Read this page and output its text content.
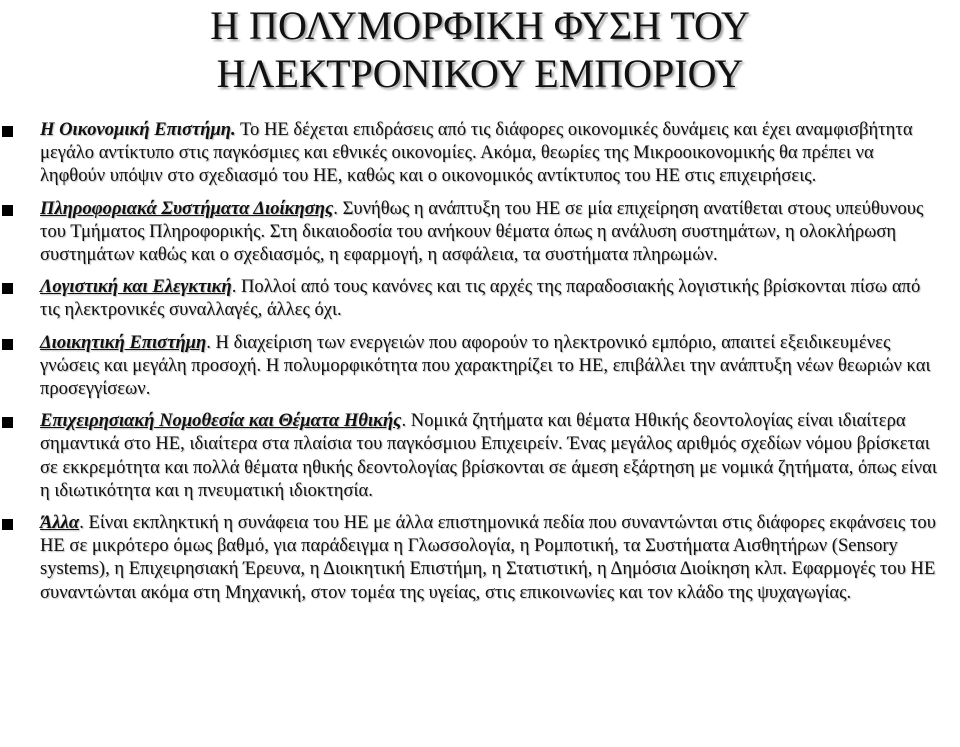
Η ΠΟΛΥΜΟΡΦΙΚΗ ΦΥΣΗ ΤΟΥ
ΗΛΕΚΤΡΟΝΙΚΟΥ ΕΜΠΟΡΙΟΥ
Η Οικονομική Επιστήμη. Το ΗΕ δέχεται επιδράσεις από τις διάφορες οικονομικές δυνάμεις και έχει αναμφισβήτητα μεγάλο αντίκτυπο στις παγκόσμιες και εθνικές οικονομίες. Ακόμα, θεωρίες της Μικροοικονομικής θα πρέπει να ληφθούν υπόψιν στο σχεδιασμό του ΗΕ, καθώς και ο οικονομικός αντίκτυπος του ΗΕ στις επιχειρήσεις.
Πληροφοριακά Συστήματα Διοίκησης. Συνήθως η ανάπτυξη του ΗΕ σε μία επιχείρηση ανατίθεται στους υπεύθυνους του Τμήματος Πληροφορικής. Στη δικαιοδοσία του ανήκουν θέματα όπως η ανάλυση συστημάτων, η ολοκλήρωση συστημάτων καθώς και ο σχεδιασμός, η εφαρμογή, η ασφάλεια, τα συστήματα πληρωμών.
Λογιστική και Ελεγκτική. Πολλοί από τους κανόνες και τις αρχές της παραδοσιακής λογιστικής βρίσκονται πίσω από τις ηλεκτρονικές συναλλαγές, άλλες όχι.
Διοικητική Επιστήμη. Η διαχείριση των ενεργειών που αφορούν το ηλεκτρονικό εμπόριο, απαιτεί εξειδικευμένες γνώσεις και μεγάλη προσοχή. Η πολυμορφικότητα που χαρακτηρίζει το ΗΕ, επιβάλλει την ανάπτυξη νέων θεωριών και προσεγγίσεων.
Επιχειρησιακή Νομοθεσία και Θέματα Ηθικής. Νομικά ζητήματα και θέματα Ηθικής δεοντολογίας είναι ιδιαίτερα σημαντικά στο ΗΕ, ιδιαίτερα στα πλαίσια του παγκόσμιου Επιχειρείν. Ένας μεγάλος αριθμός σχεδίων νόμου βρίσκεται σε εκκρεμότητα και πολλά θέματα ηθικής δεοντολογίας βρίσκονται σε άμεση εξάρτηση με νομικά ζητήματα, όπως είναι η ιδιωτικότητα και η πνευματική ιδιοκτησία.
Άλλα. Είναι εκπληκτική η συνάφεια του ΗΕ με άλλα επιστημονικά πεδία που συναντώνται στις διάφορες εκφάνσεις του ΗΕ σε μικρότερο όμως βαθμό, για παράδειγμα η Γλωσσολογία, η Ρομποτική, τα Συστήματα Αισθητήρων (Sensory systems), η Επιχειρησιακή Έρευνα, η Διοικητική Επιστήμη, η Στατιστική, η Δημόσια Διοίκηση κλπ. Εφαρμογές του ΗΕ συναντώνται ακόμα στη Μηχανική, στον τομέα της υγείας, στις επικοινωνίες και τον κλάδο της ψυχαγωγίας.
